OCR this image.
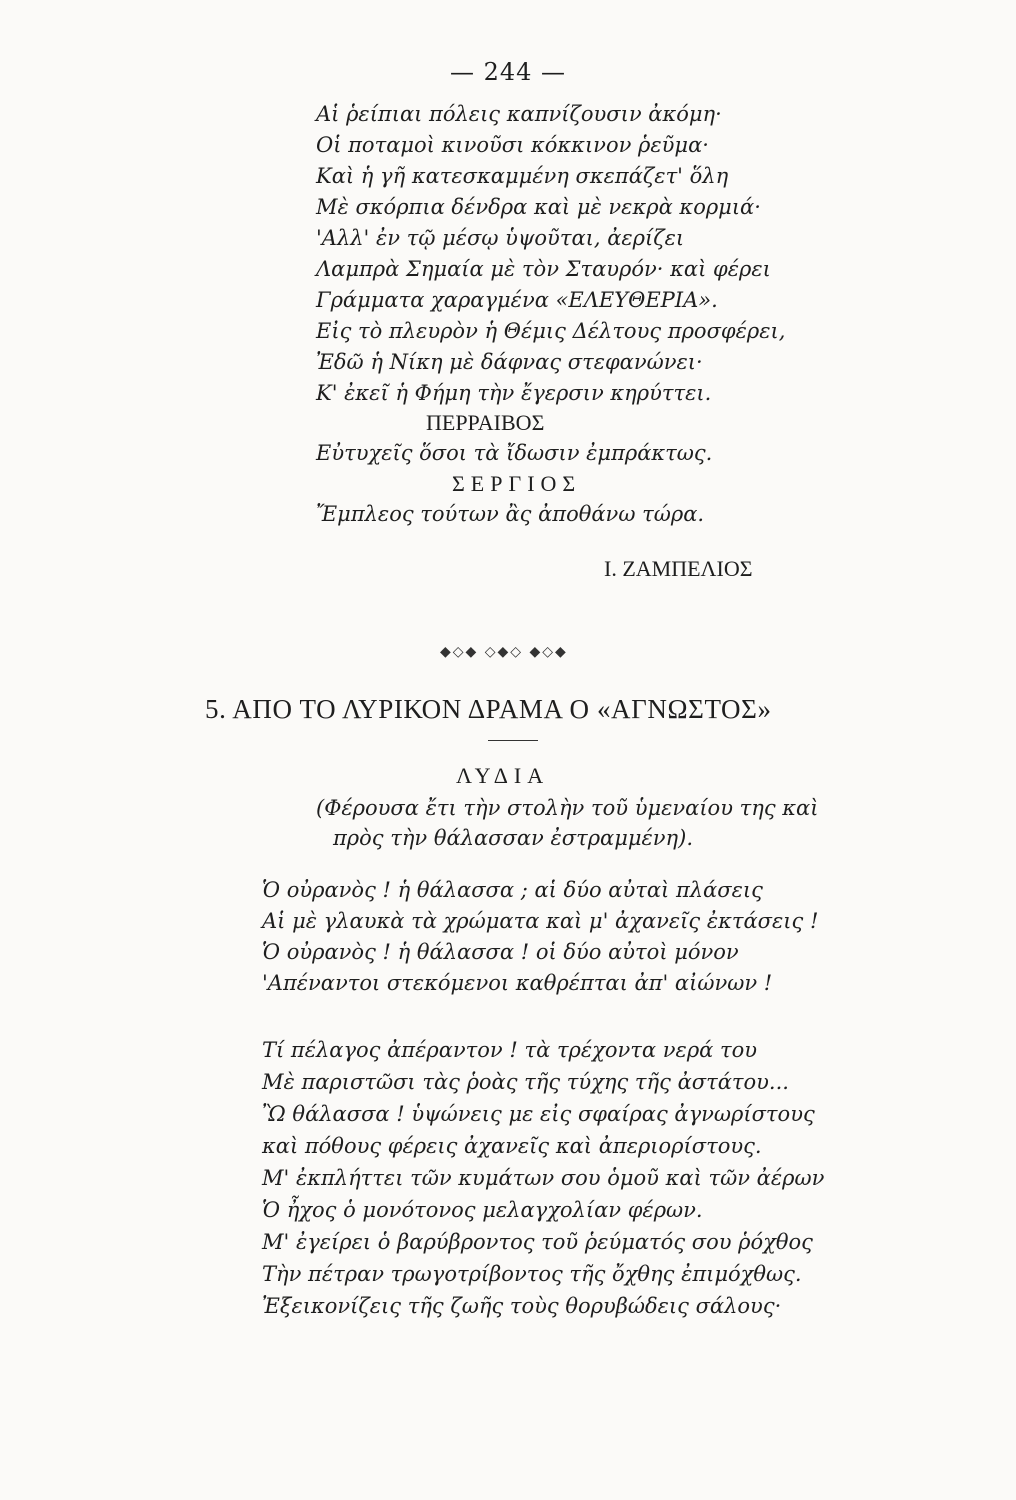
— 244 —
Αἱ ῥείπιαι πόλεις καπνίζουσιν ἀκόμη·
Οἱ ποταμοὶ κινοῦσι κόκκινον ῥεῦμα·
Καὶ ἡ γῆ κατεσκαμμένη σκεπάζετ' ὅλη
Μὲ σκόρπια δένδρα καὶ μὲ νεκρὰ κορμιά·
'Αλλ' ἐν τῷ μέσῳ ὑψοῦται, ἀερίζει
Λαμπρὰ Σημαία μὲ τὸν Σταυρόν· καὶ φέρει
Γράμματα χαραγμένα «ΕΛΕΥΘΕΡΙΑ».
Εἰς τὸ πλευρὸν ἡ Θέμις Δέλτους προσφέρει,
Ἐδῶ ἡ Νίκη μὲ δάφνας στεφανώνει·
Κ' ἐκεῖ ἡ Φήμη τὴν ἔγερσιν κηρύττει.
ΠΕΡΡΑΙΒΟΣ
Εὐτυχεῖς ὅσοι τὰ ἴδωσιν ἐμπράκτως.
ΣΕΡΓΙΟΣ
Ἔμπλεος τούτων ἂς ἀποθάνω τώρα.
Ι. ΖΑΜΠΕΛΙΟΣ
◆◇◆ ◇◆◇ ◆◇◆
5. ΑΠΟ ΤΟ ΛΥΡΙΚΟΝ ΔΡΑΜΑ Ο «ΑΓΝΩΣΤΟΣ»
ΛΥΔΙΑ
(Φέρουσα ἔτι τὴν στολὴν τοῦ ὑμεναίου της καὶ
πρὸς τὴν θάλασσαν ἐστραμμένη).
Ὁ οὐρανὸς ! ἡ θάλασσα ; αἱ δύο αὐταὶ πλάσεις
Αἱ μὲ γλαυκὰ τὰ χρώματα καὶ μ' ἀχανεῖς ἐκτάσεις !
Ὁ οὐρανὸς ! ἡ θάλασσα ! οἱ δύο αὐτοὶ μόνον
'Απέναντοι στεκόμενοι καθρέπται ἀπ' αἰώνων !
Τί πέλαγος ἀπέραντον ! τὰ τρέχοντα νερά του
Μὲ παριστῶσι τὰς ῥοὰς τῆς τύχης τῆς ἀστάτου...
Ὢ θάλασσα ! ὑψώνεις με εἰς σφαίρας ἀγνωρίστους
καὶ πόθους φέρεις ἀχανεῖς καὶ ἀπεριορίστους.
Μ' ἐκπλήττει τῶν κυμάτων σου ὁμοῦ καὶ τῶν ἀέρων
Ὁ ἦχος ὁ μονότονος μελαγχολίαν φέρων.
Μ' ἐγείρει ὁ βαρύβροντος τοῦ ῥεύματός σου ῥόχθος
Τὴν πέτραν τρωγοτρίβοντος τῆς ὄχθης ἐπιμόχθως.
Ἐξεικονίζεις τῆς ζωῆς τοὺς θορυβώδεις σάλους·
